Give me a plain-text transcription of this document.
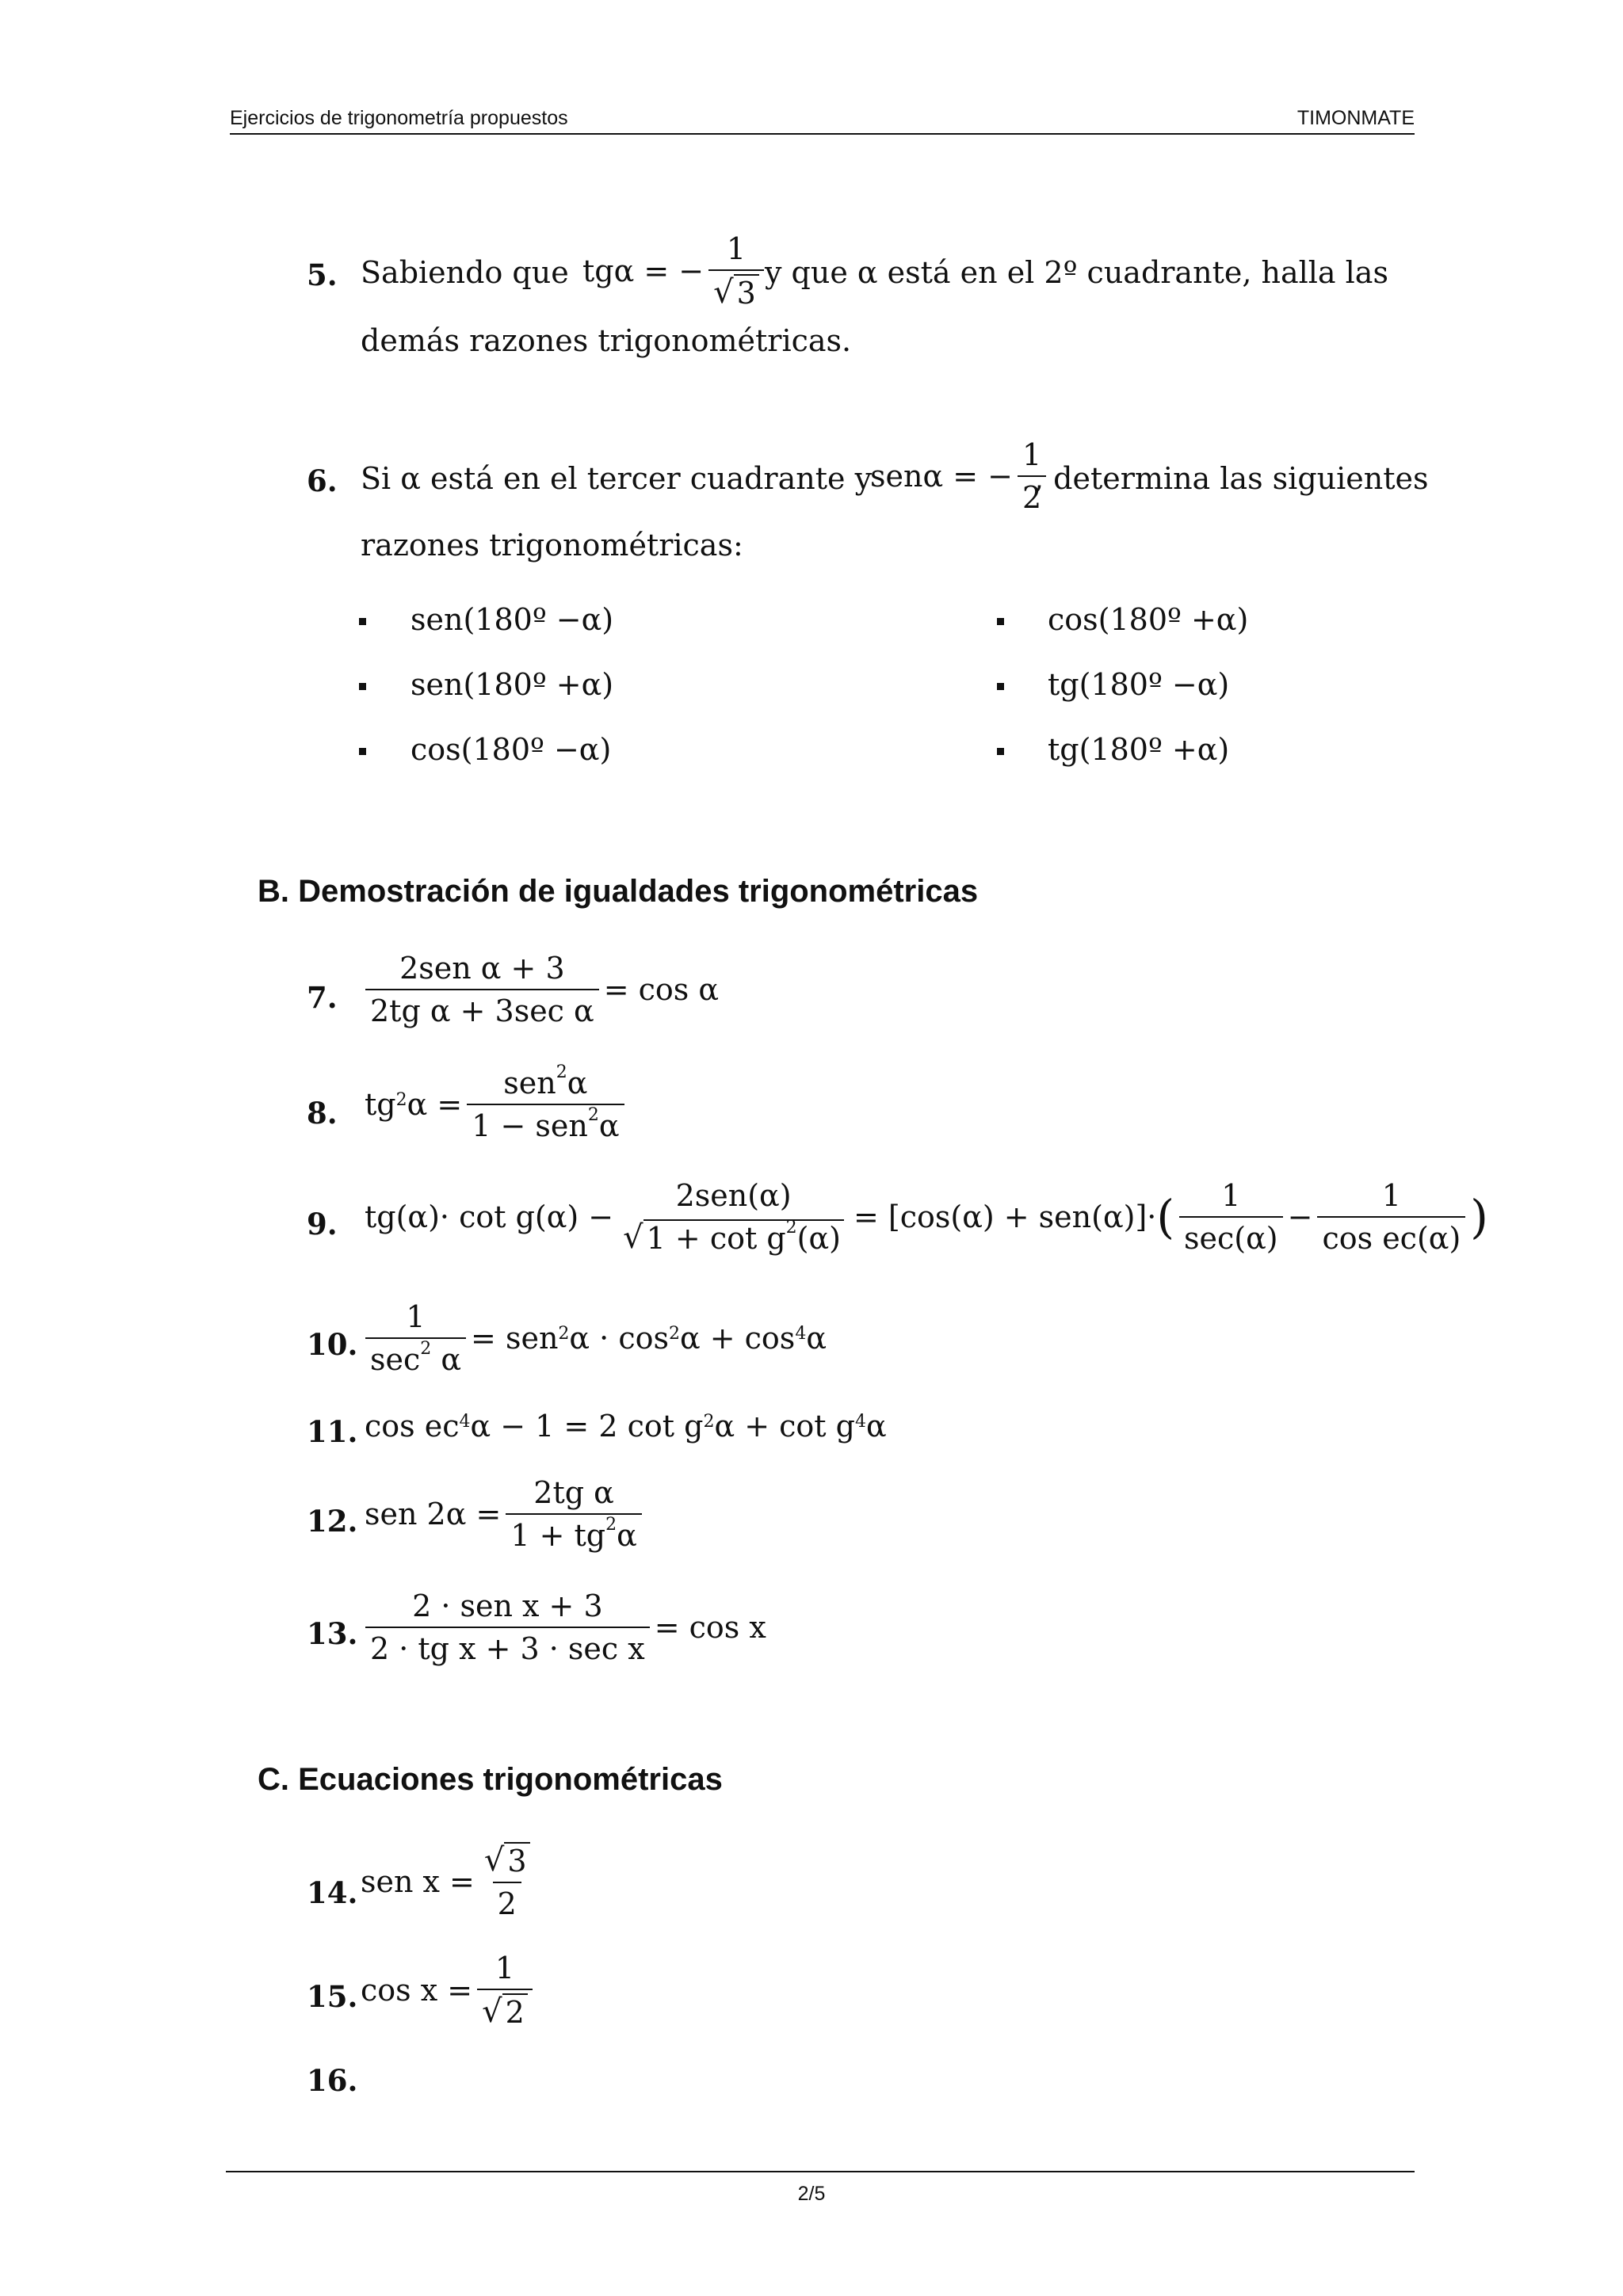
Ejercicios de trigonometría propuestos	TIMONMATE
5. Sabiendo que tgα = − $\frac{1}{√ 3}$ y que α está en el 2º cuadrante, halla las
demás razones trigonométricas.
6. Si α está en el tercer cuadrante y
senα = − $\frac{1}{2}$
, determina las siguientes
razones trigonométricas:
sen(180º −α)
sen(180º +α)
cos(180º −α)
cos(180º +α)
tg(180º −α)
tg(180º +α)
B. Demostración de igualdades trigonométricas
7. $\frac{\text{2sen α + 3}}{\text{2tg α + 3sec α}} = \cos \alpha$
8. tg 2 $\alpha = \frac{sen^2\alpha}{1 - sen^2\alpha}$
9. tg(α)· cot g(α) −
2sen(α)
√ $1 + \cot g^2(\alpha)$
= [cos(α) + sen(α)]· ( $\frac{1}{\sec(\alpha)} - \frac{1}{\text{cos ec(α)}}$ )
10. $\frac{1}{\sec^2 \alpha}$ = sen 2 α · cos 2 α + cos 4 α
11. cos ec 4 α − 1 = 2 cot g 2 α + cot g 4 α
12. sen $2\alpha = \frac{\text{2tg α}}{1 + tg^2\alpha}$
13. $\frac{\text{2 · sen x + 3}}{\text{2 · tg x + 3 · sec x}} = \cos x$
C. Ecuaciones trigonométricas
14. sen $x = \frac{√ 3}{2}$
15. $\cos x = \frac{1}{√ 2}$
16.
2/5
